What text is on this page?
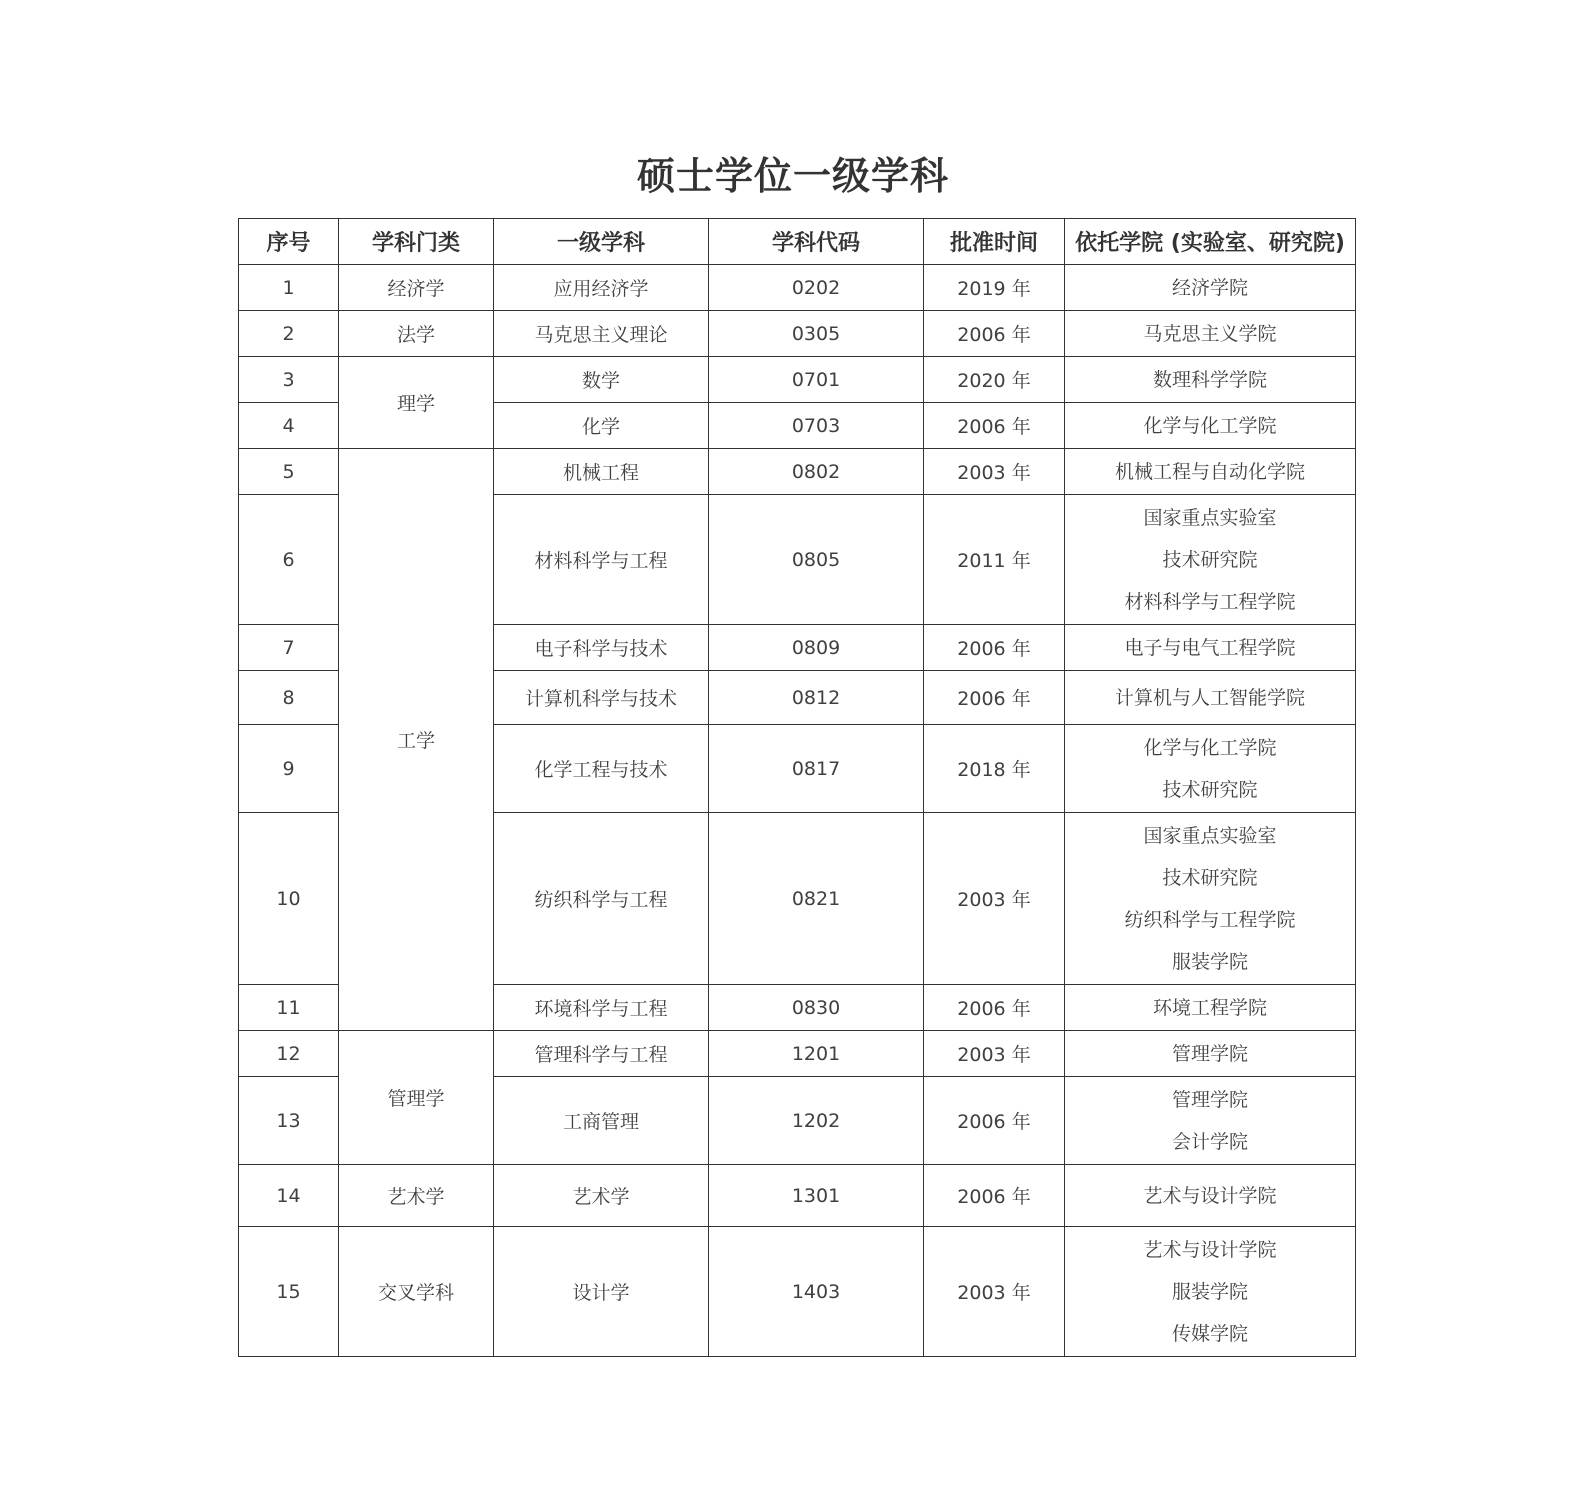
硕士学位一级学科
序号	学科门类	一级学科	学科代码	批准时间	依托学院 (实验室、研究院)
1	经济学	应用经济学	0202	2019 年	经济学院

2	法学	马克思主义理论	0305	2006 年	马克思主义学院

3	理学	数学	0701	2020 年	数理科学学院

4		化学	0703	2006 年	化学与化工学院

5	工学	机械工程	0802	2003 年	机械工程与自动化学院

6		材料科学与工程	0805	2011 年	国家重点实验室
技术研究院
材料科学与工程学院

7		电子科学与技术	0809	2006 年	电子与电气工程学院

8		计算机科学与技术	0812	2006 年	计算机与人工智能学院

9		化学工程与技术	0817	2018 年	化学与化工学院
技术研究院

10		纺织科学与工程	0821	2003 年	国家重点实验室
技术研究院
纺织科学与工程学院
服装学院

11		环境科学与工程	0830	2006 年	环境工程学院

12	管理学	管理科学与工程	1201	2003 年	管理学院

13		工商管理	1202	2006 年	管理学院
会计学院

14	艺术学	艺术学	1301	2006 年	艺术与设计学院

15	交叉学科	设计学	1403	2003 年	艺术与设计学院
服装学院
传媒学院
